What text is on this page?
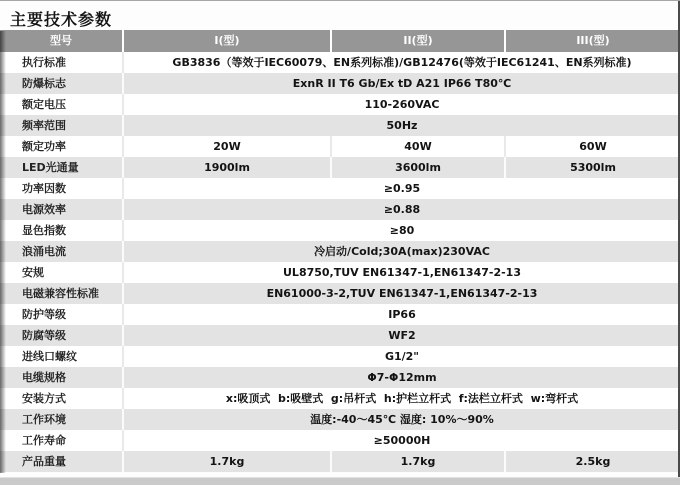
主要技术参数
型号	I(型)	II(型)	III(型)
执行标准	GB3836（等效于IEC60079、EN系列标准)/GB12476(等效于IEC61241、EN系列标准)
防爆标志	ExnR II T6 Gb/Ex tD A21 IP66 T80℃
额定电压	110-260VAC
频率范围	50Hz
额定功率	20W	40W	60W
LED光通量	1900lm	3600lm	5300lm
功率因数	≥0.95
电源效率	≥0.88
显色指数	≥80
浪涌电流	冷启动/Cold;30A(max)230VAC
安规	UL8750,TUV EN61347-1,EN61347-2-13
电磁兼容性标准	EN61000-3-2,TUV EN61347-1,EN61347-2-13
防护等级	IP66
防腐等级	WF2
进线口螺纹	G1/2"
电缆规格	Φ7-Φ12mm
安装方式	x:吸顶式  b:吸壁式  g:吊杆式  h:护栏立杆式  f:法栏立杆式  w:弯杆式
工作环境	温度:-40～45℃ 湿度: 10%～90%
工作寿命	≥50000H
产品重量	1.7kg	1.7kg	2.5kg
